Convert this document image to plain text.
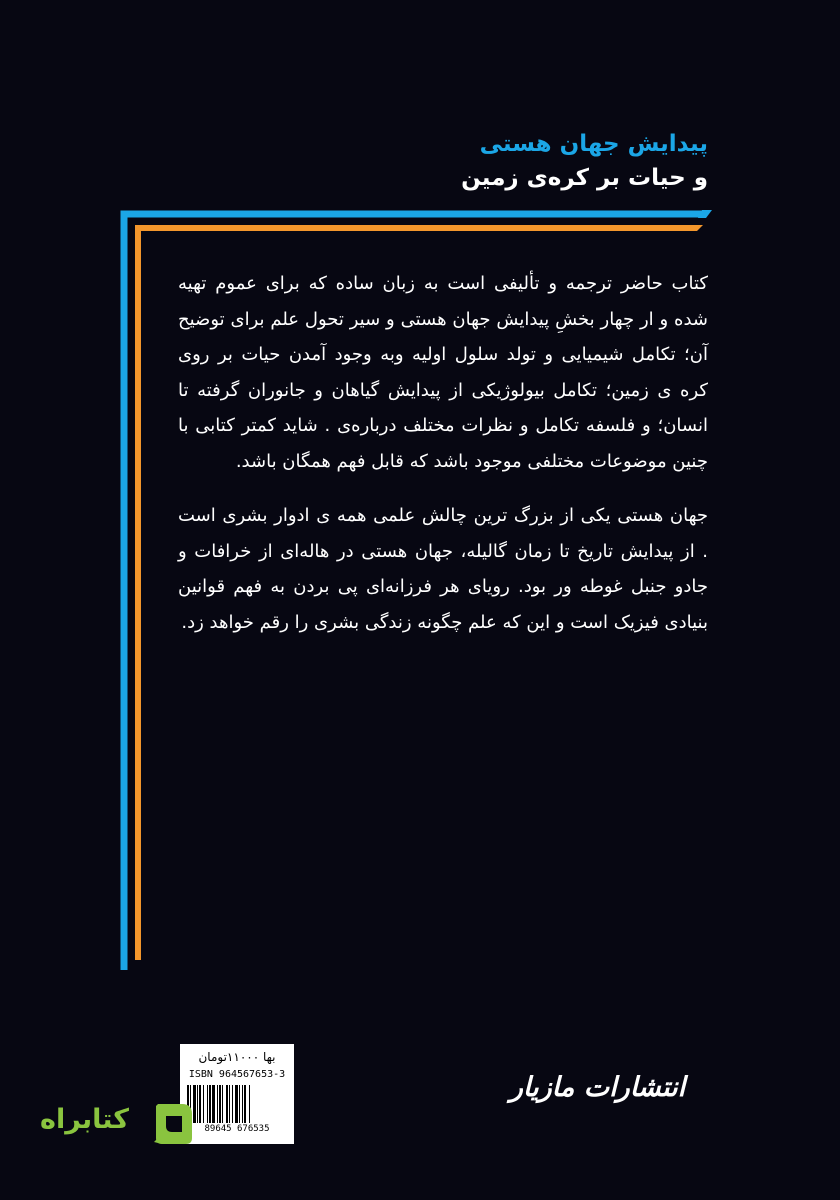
پیدایش جهان هستی
و حیات بر کره‌ی زمین

کتاب حاضر ترجمه و تألیفی است به زبان ساده که برای عموم تهیه شده و ار چهار بخشِ پیدایش جهان هستی و سیر تحول علم برای توضیح آن؛ تکامل شیمیایی و تولد سلول اولیه وبه وجود آمدن حیات بر روی کره ی زمین؛ تکامل بیولوژیکی از پیدایش گیاهان و جانوران گرفته تا انسان؛ و فلسفه تکامل و نظرات مختلف درباره‌ی . شاید کمتر کتابی با چنین موضوعات مختلفی موجود باشد که قابل فهم همگان باشد.

جهان هستی یکی از بزرگ ترین چالش علمی همه ی ادوار بشری است . از پیدایش تاریخ تا زمان گالیله، جهان هستی در هاله‌ای از خرافات و جادو جنبل غوطه ور بود. رویای هر فرزانه‌ای پی بردن به فهم قوانین بنیادی فیزیک است و این که علم چگونه زندگی بشری را رقم خواهد زد.

بها ۱۱۰۰۰تومان
ISBN 964567653-3
89645 676535
انتشارات مازیار
کتابراه
